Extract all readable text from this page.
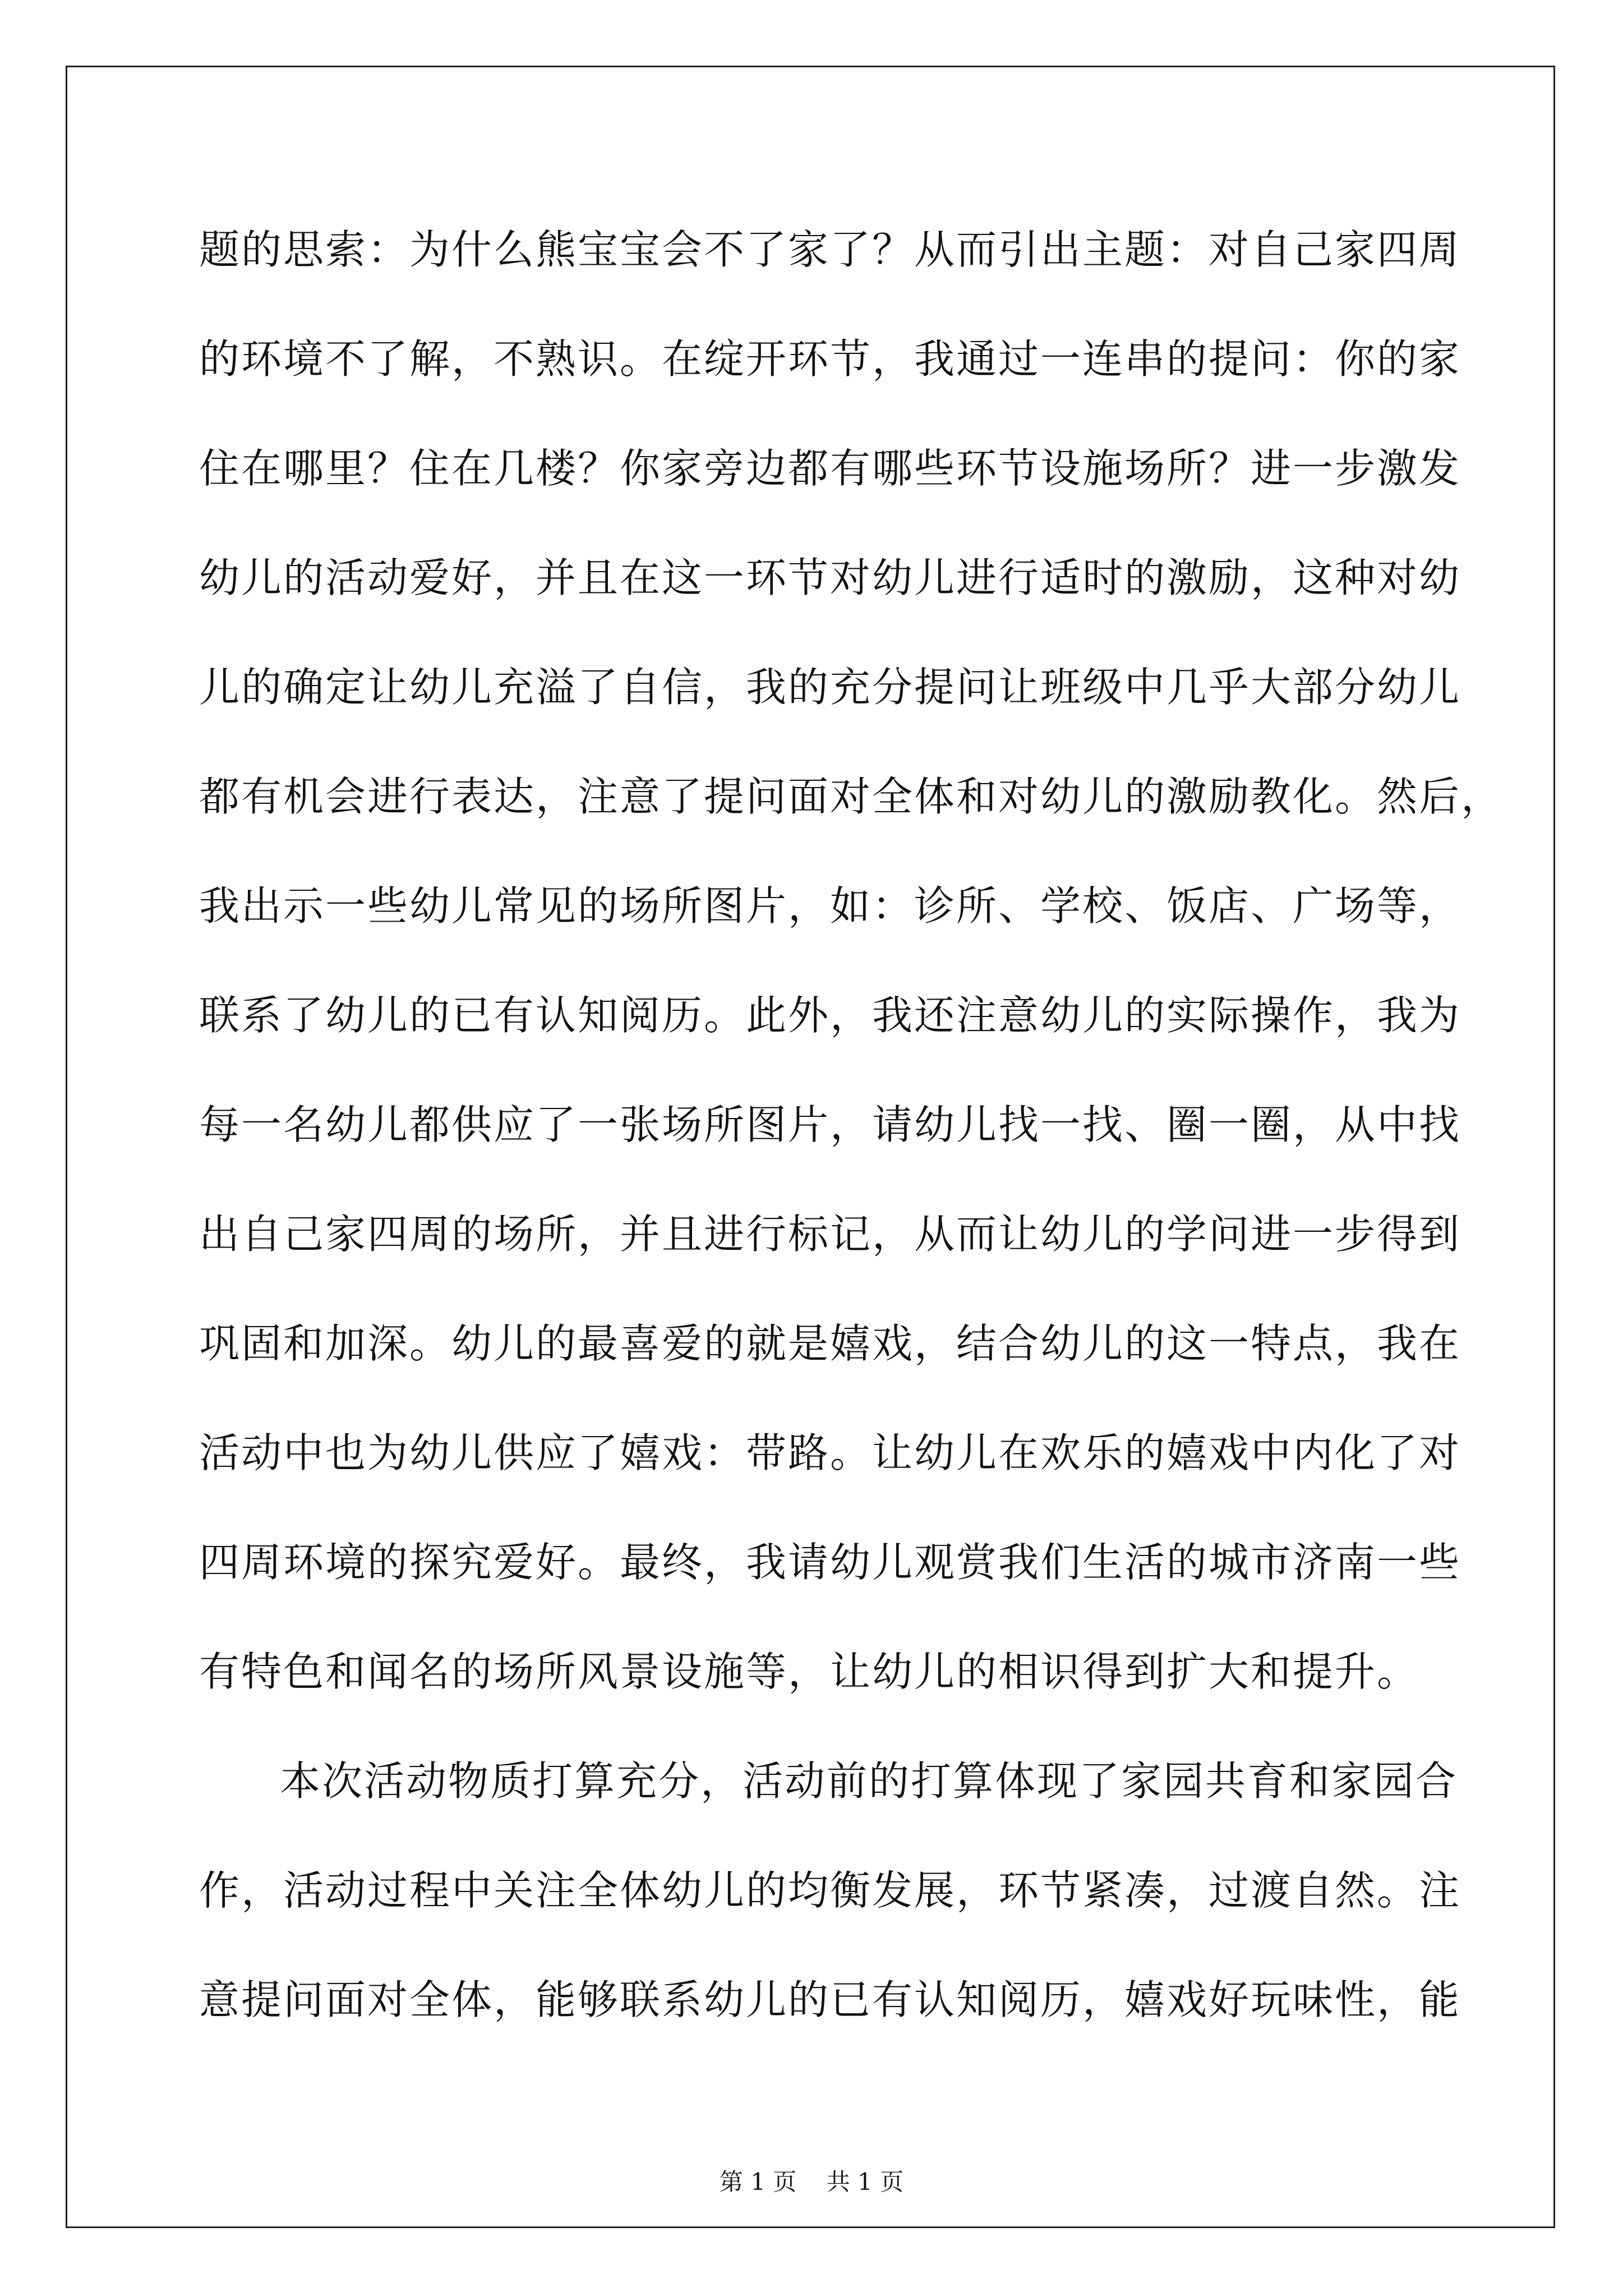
题的思索：为什么熊宝宝会不了家了？从而引出主题：对自己家四周
的环境不了解，不熟识。在绽开环节，我通过一连串的提问：你的家
住在哪里？住在几楼？你家旁边都有哪些环节设施场所？进一步激发
幼儿的活动爱好，并且在这一环节对幼儿进行适时的激励，这种对幼
儿的确定让幼儿充溢了自信，我的充分提问让班级中几乎大部分幼儿
都有机会进行表达，注意了提问面对全体和对幼儿的激励教化。然后，
我出示一些幼儿常见的场所图片，如：诊所、学校、饭店、广场等，
联系了幼儿的已有认知阅历。此外，我还注意幼儿的实际操作，我为
每一名幼儿都供应了一张场所图片，请幼儿找一找、圈一圈，从中找
出自己家四周的场所，并且进行标记，从而让幼儿的学问进一步得到
巩固和加深。幼儿的最喜爱的就是嬉戏，结合幼儿的这一特点，我在
活动中也为幼儿供应了嬉戏：带路。让幼儿在欢乐的嬉戏中内化了对
四周环境的探究爱好。最终，我请幼儿观赏我们生活的城市济南一些
有特色和闻名的场所风景设施等，让幼儿的相识得到扩大和提升。
本次活动物质打算充分，活动前的打算体现了家园共育和家园合
作，活动过程中关注全体幼儿的均衡发展，环节紧凑，过渡自然。注
意提问面对全体，能够联系幼儿的已有认知阅历，嬉戏好玩味性，能
第 1 页 共 1 页
